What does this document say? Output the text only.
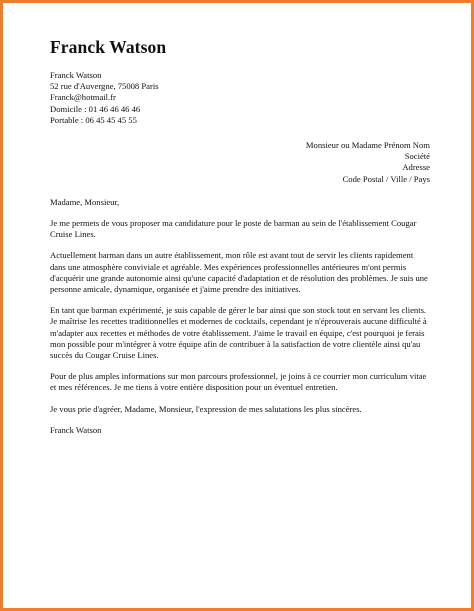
Franck Watson
Franck Watson
52 rue d'Auvergne, 75008 Paris
Franck@hotmail.fr
Domicile : 01 46 46 46 46
Portable : 06 45 45 45 55
Monsieur ou Madame Prénom Nom
Société
Adresse
Code Postal / Ville / Pays
Madame, Monsieur,
Je me permets de vous proposer ma candidature pour le poste de barman au sein de l'établissement Cougar Cruise Lines.
Actuellement barman dans un autre établissement, mon rôle est avant tout de servir les clients rapidement dans une atmosphère conviviale et agréable. Mes expériences professionnelles antérieures m'ont permis d'acquérir une grande autonomie ainsi qu'une capacité d'adaptation et de résolution des problèmes. Je suis une personne amicale, dynamique, organisée et j'aime prendre des initiatives.
En tant que barman expérimenté, je suis capable de gérer le bar ainsi que son stock tout en servant les clients. Je maîtrise les recettes traditionnelles et modernes de cocktails, cependant je n'éprouverais aucune difficulté à m'adapter aux recettes et méthodes de votre établissement. J'aime le travail en équipe, c'est pourquoi je ferais mon possible pour m'intégrer à votre équipe afin de contribuer à la satisfaction de votre clientèle ainsi qu'au succès du Cougar Cruise Lines.
Pour de plus amples informations sur mon parcours professionnel, je joins à ce courrier mon curriculum vitae et mes références. Je me tiens à votre entière disposition pour un éventuel entretien.
Je vous prie d'agréer, Madame, Monsieur, l'expression de mes salutations les plus sincères.
Franck Watson
